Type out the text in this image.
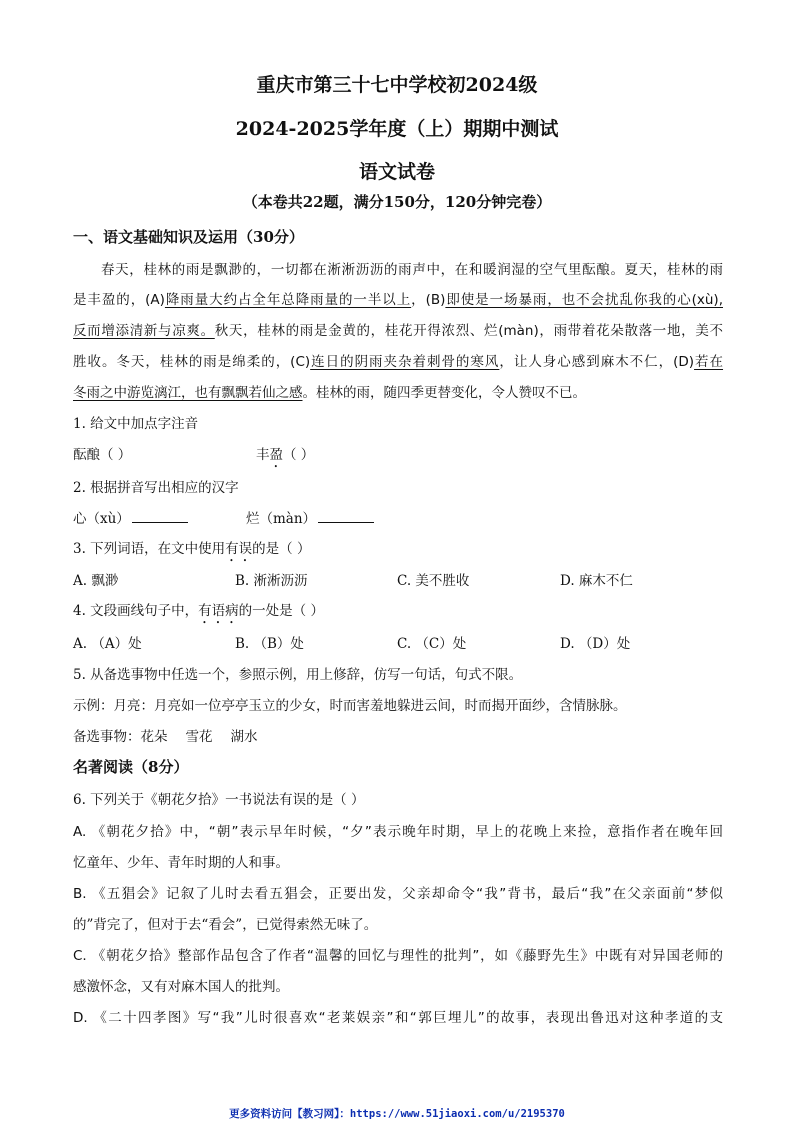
重庆市第三十七中学校初2024级
2024-2025学年度（上）期期中测试
语文试卷
（本卷共22题，满分150分，120分钟完卷）
一、语文基础知识及运用（30分）
春天，桂林的雨是飘渺的，一切都在淅淅沥沥的雨声中，在和暖润湿的空气里酝酿。夏天，桂林的雨
是丰盈的，(A)降雨量大约占全年总降雨量的一半以上，(B)即使是一场暴雨，也不会扰乱你我的心(xù),
反而增添清新与凉爽。秋天，桂林的雨是金黄的，桂花开得浓烈、烂(màn)，雨带着花朵散落一地，美不
胜收。冬天，桂林的雨是绵柔的，(C)连日的阴雨夹杂着刺骨的寒风，让人身心感到麻木不仁，(D)若在
冬雨之中游览漓江，也有飘飘若仙之感。桂林的雨，随四季更替变化，令人赞叹不已。
1. 给文中加点字注音
酝酿（ ）	丰盈（ ）
2. 根据拼音写出相应的汉字
心（xù）	烂（màn）
3. 下列词语，在文中使用有误的是（ ）
A. 飘渺	B. 淅淅沥沥	C. 美不胜收	D. 麻木不仁
4. 文段画线句子中，有语病的一处是（ ）
A. （A）处	B. （B）处	C. （C）处	D. （D）处
5. 从备选事物中任选一个，参照示例，用上修辞，仿写一句话，句式不限。
示例：月亮：月亮如一位亭亭玉立的少女，时而害羞地躲进云间，时而揭开面纱，含情脉脉。
备选事物：花朵 雪花 湖水
名著阅读（8分）
6. 下列关于《朝花夕拾》一书说法有误的是（ ）
A. 《朝花夕拾》中，“朝”表示早年时候，“夕”表示晚年时期，早上的花晚上来捡，意指作者在晚年回
忆童年、少年、青年时期的人和事。
B. 《五猖会》记叙了儿时去看五猖会，正要出发，父亲却命令“我”背书，最后“我”在父亲面前“梦似
的”背完了，但对于去“看会”，已觉得索然无味了。
C. 《朝花夕拾》整部作品包含了作者“温馨的回忆与理性的批判”，如《藤野先生》中既有对异国老师的
感激怀念，又有对麻木国人的批判。
D. 《二十四孝图》写“我”儿时很喜欢“老莱娱亲”和“郭巨埋儿”的故事，表现出鲁迅对这种孝道的支
更多资料访问【教习网】：https://www.51jiaoxi.com/u/2195370
